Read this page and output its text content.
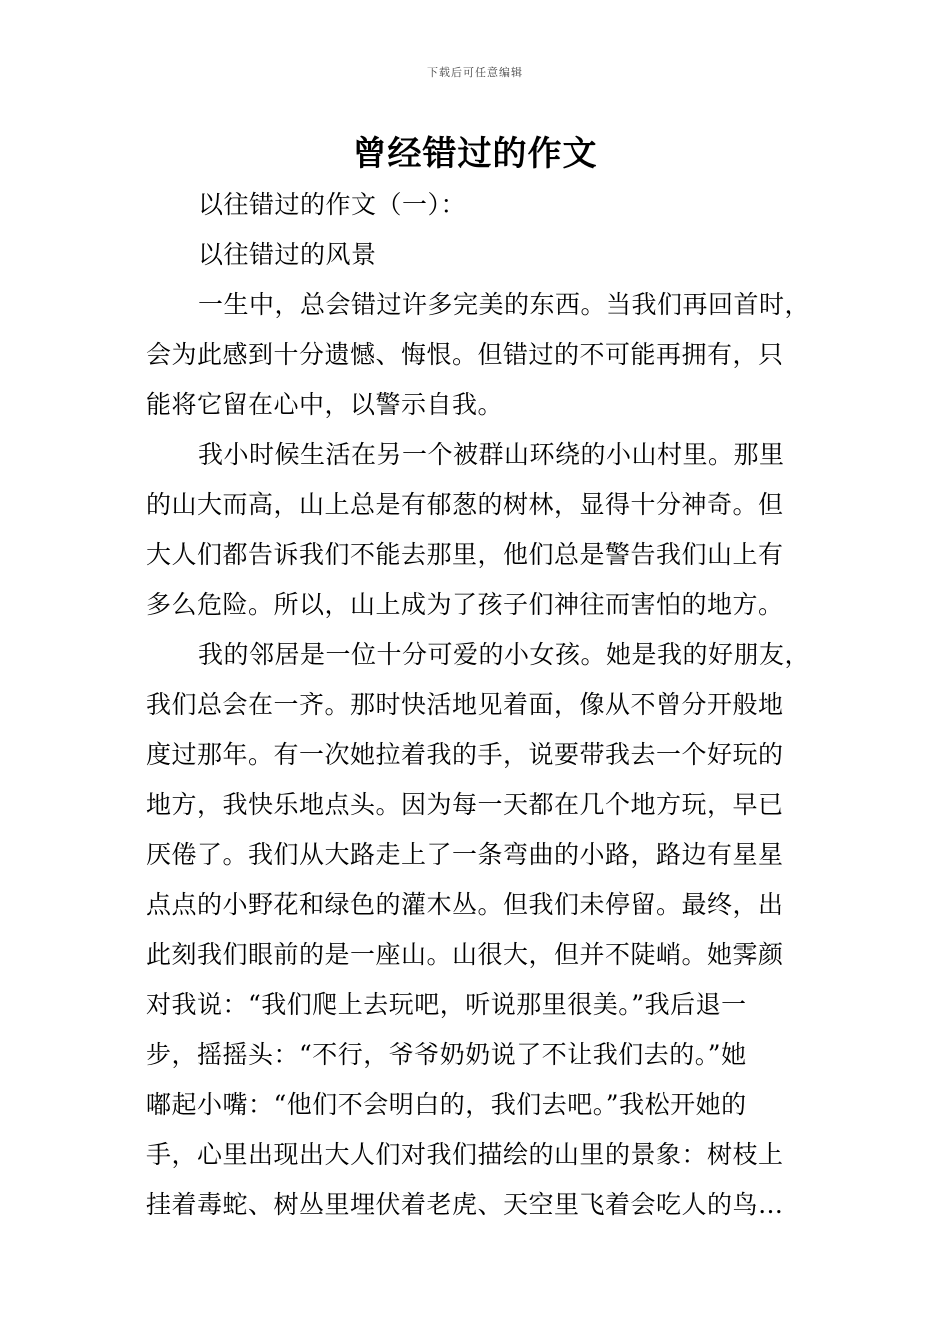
下载后可任意编辑
曾经错过的作文
以往错过的作文（一）：
以往错过的风景
一生中，总会错过许多完美的东西。当我们再回首时，
会为此感到十分遗憾、悔恨。但错过的不可能再拥有，只
能将它留在心中，以警示自我。
我小时候生活在另一个被群山环绕的小山村里。那里
的山大而高，山上总是有郁葱的树林，显得十分神奇。但
大人们都告诉我们不能去那里，他们总是警告我们山上有
多么危险。所以，山上成为了孩子们神往而害怕的地方。
我的邻居是一位十分可爱的小女孩。她是我的好朋友，
我们总会在一齐。那时快活地见着面，像从不曾分开般地
度过那年。有一次她拉着我的手，说要带我去一个好玩的
地方，我快乐地点头。因为每一天都在几个地方玩，早已
厌倦了。我们从大路走上了一条弯曲的小路，路边有星星
点点的小野花和绿色的灌木丛。但我们未停留。最终，出
此刻我们眼前的是一座山。山很大，但并不陡峭。她霁颜
对我说：“我们爬上去玩吧，听说那里很美。”我后退一
步，摇摇头：“不行，爷爷奶奶说了不让我们去的。”她
嘟起小嘴：“他们不会明白的，我们去吧。”我松开她的
手，心里出现出大人们对我们描绘的山里的景象：树枝上
挂着毒蛇、树丛里埋伏着老虎、天空里飞着会吃人的鸟…
